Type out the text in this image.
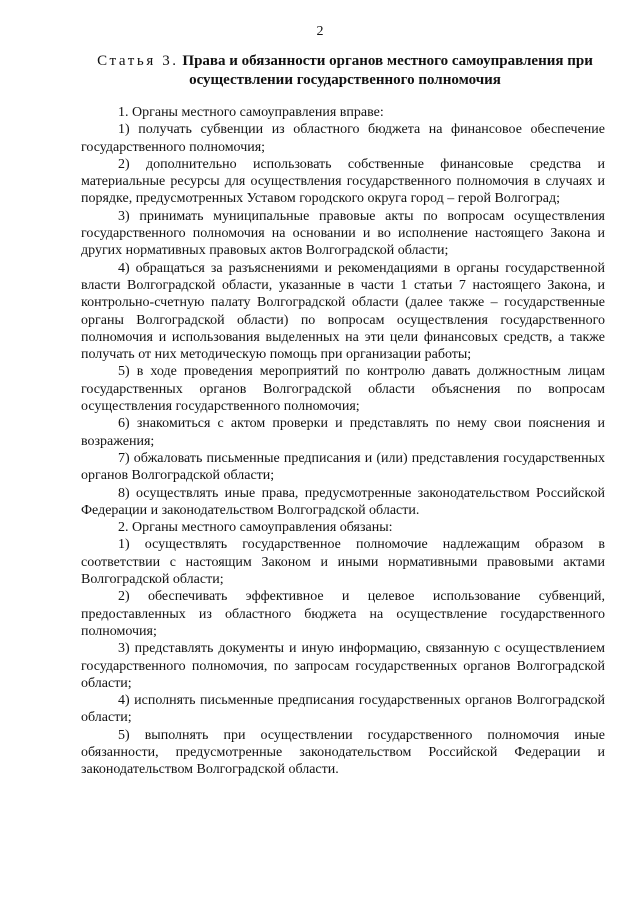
2
Статья 3. Права и обязанности органов местного самоуправления при осуществлении государственного полномочия

1. Органы местного самоуправления вправе:

1) получать субвенции из областного бюджета на финансовое обеспечение государственного полномочия;

2) дополнительно использовать собственные финансовые средства и материальные ресурсы для осуществления государственного полномочия в случаях и порядке, предусмотренных Уставом городского округа город – герой Волгоград;

3) принимать муниципальные правовые акты по вопросам осуществления государственного полномочия на основании и во исполнение настоящего Закона и других нормативных правовых актов Волгоградской области;

4) обращаться за разъяснениями и рекомендациями в органы государственной власти Волгоградской области, указанные в части 1 статьи 7 настоящего Закона, и контрольно-счетную палату Волгоградской области (далее также – государственные органы Волгоградской области) по вопросам осуществления государственного полномочия и использования выделенных на эти цели финансовых средств, а также получать от них методическую помощь при организации работы;

5) в ходе проведения мероприятий по контролю давать должностным лицам государственных органов Волгоградской области объяснения по вопросам осуществления государственного полномочия;

6) знакомиться с актом проверки и представлять по нему свои пояснения и возражения;

7) обжаловать письменные предписания и (или) представления государственных органов Волгоградской области;

8) осуществлять иные права, предусмотренные законодательством Российской Федерации и законодательством Волгоградской области.

2. Органы местного самоуправления обязаны:

1) осуществлять государственное полномочие надлежащим образом в соответствии с настоящим Законом и иными нормативными правовыми актами Волгоградской области;

2) обеспечивать эффективное и целевое использование субвенций, предоставленных из областного бюджета на осуществление государственного полномочия;

3) представлять документы и иную информацию, связанную с осуществлением государственного полномочия, по запросам государственных органов Волгоградской области;

4) исполнять письменные предписания государственных органов Волгоградской области;

5) выполнять при осуществлении государственного полномочия иные обязанности, предусмотренные законодательством Российской Федерации и законодательством Волгоградской области.
